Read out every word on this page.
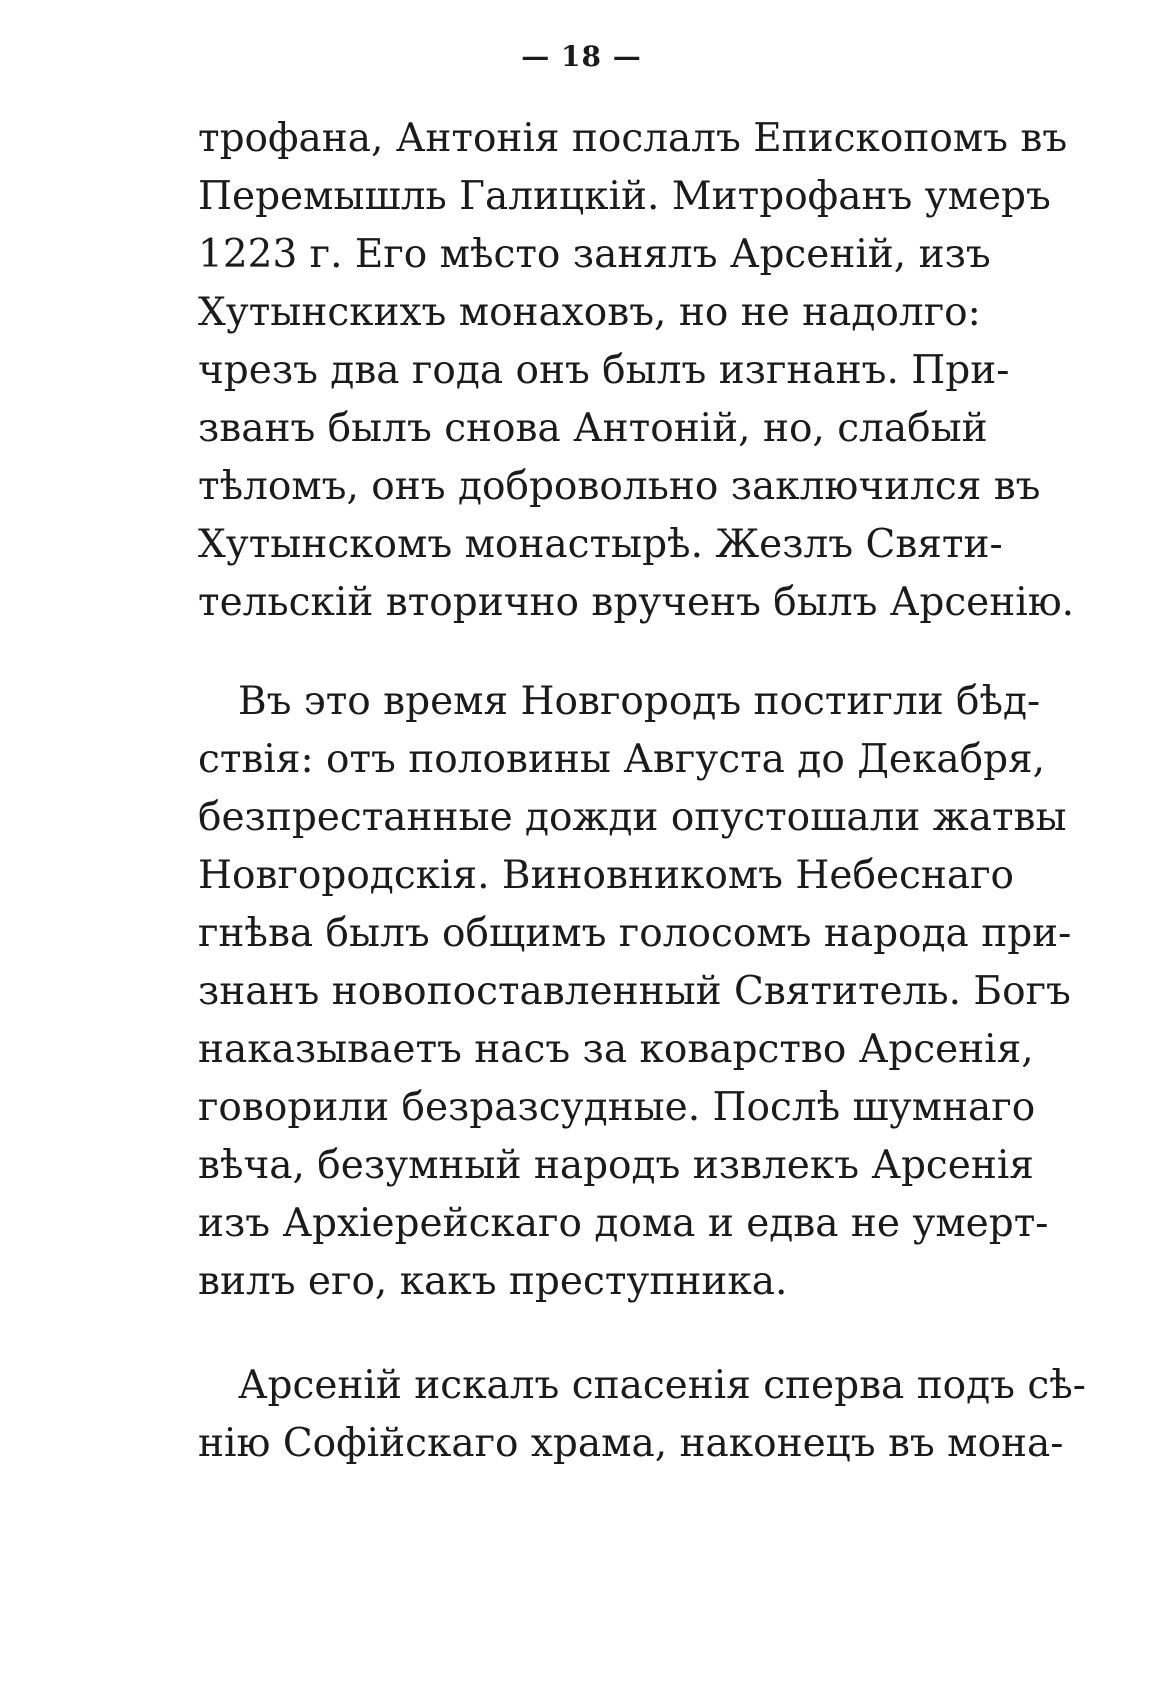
— 18 —
трофана, Антонія послалъ Епископомъ въ
Перемышль Галицкій. Митрофанъ умеръ
1223 г. Его мѣсто занялъ Арсеній, изъ
Хутынскихъ монаховъ, но не надолго:
чрезъ два года онъ былъ изгнанъ. При-
званъ былъ снова Антоній, но, слабый
тѣломъ, онъ добровольно заключился въ
Хутынскомъ монастырѣ. Жезлъ Святи-
тельскій вторично врученъ былъ Арсенію.
Въ это время Новгородъ постигли бѣд-
ствія: отъ половины Августа до Декабря,
безпрестанные дожди опустошали жатвы
Новгородскія. Виновникомъ Небеснаго
гнѣва былъ общимъ голосомъ народа при-
знанъ новопоставленный Святитель. Богъ
наказываетъ насъ за коварство Арсенія,
говорили безразсудные. Послѣ шумнаго
вѣча, безумный народъ извлекъ Арсенія
изъ Архіерейскаго дома и едва не умерт-
вилъ его, какъ преступника.
Арсеній искалъ спасенія сперва подъ сѣ-
нію Софійскаго храма, наконецъ въ мона-
